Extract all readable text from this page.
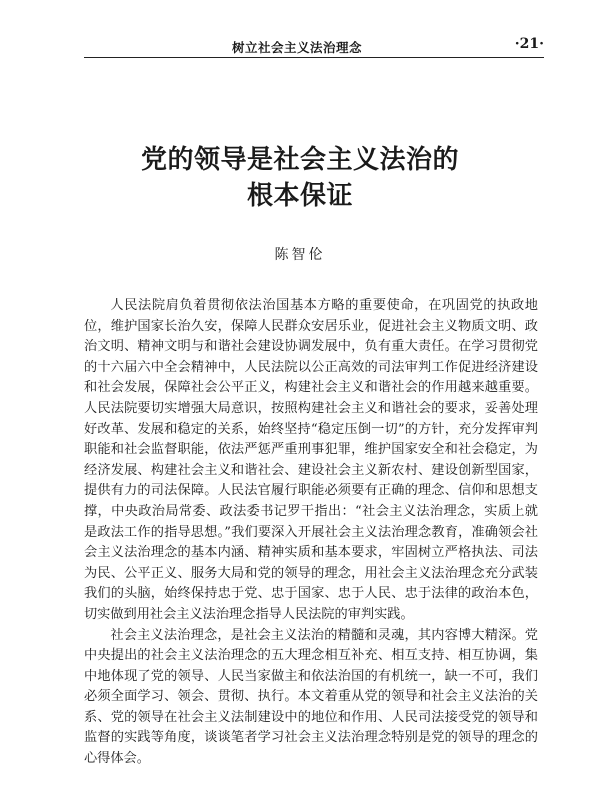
树立社会主义法治理念	·21·
党的领导是社会主义法治的
根本保证
陈智伦

人民法院肩负着贯彻依法治国基本方略的重要使命，在巩固党的执政地位，维护国家长治久安，保障人民群众安居乐业，促进社会主义物质文明、政治文明、精神文明与和谐社会建设协调发展中，负有重大责任。在学习贯彻党的十六届六中全会精神中，人民法院以公正高效的司法审判工作促进经济建设和社会发展，保障社会公平正义，构建社会主义和谐社会的作用越来越重要。人民法院要切实增强大局意识，按照构建社会主义和谐社会的要求，妥善处理好改革、发展和稳定的关系，始终坚持“稳定压倒一切”的方针，充分发挥审判职能和社会监督职能，依法严惩严重刑事犯罪，维护国家安全和社会稳定，为经济发展、构建社会主义和谐社会、建设社会主义新农村、建设创新型国家，提供有力的司法保障。人民法官履行职能必须要有正确的理念、信仰和思想支撑，中央政治局常委、政法委书记罗干指出：“社会主义法治理念，实质上就是政法工作的指导思想。”我们要深入开展社会主义法治理念教育，准确领会社会主义法治理念的基本内涵、精神实质和基本要求，牢固树立严格执法、司法为民、公平正义、服务大局和党的领导的理念，用社会主义法治理念充分武装我们的头脑，始终保持忠于党、忠于国家、忠于人民、忠于法律的政治本色，切实做到用社会主义法治理念指导人民法院的审判实践。

社会主义法治理念，是社会主义法治的精髓和灵魂，其内容博大精深。党中央提出的社会主义法治理念的五大理念相互补充、相互支持、相互协调，集中地体现了党的领导、人民当家做主和依法治国的有机统一，缺一不可，我们必须全面学习、领会、贯彻、执行。本文着重从党的领导和社会主义法治的关系、党的领导在社会主义法制建设中的地位和作用、人民司法接受党的领导和监督的实践等角度，谈谈笔者学习社会主义法治理念特别是党的领导的理念的心得体会。
